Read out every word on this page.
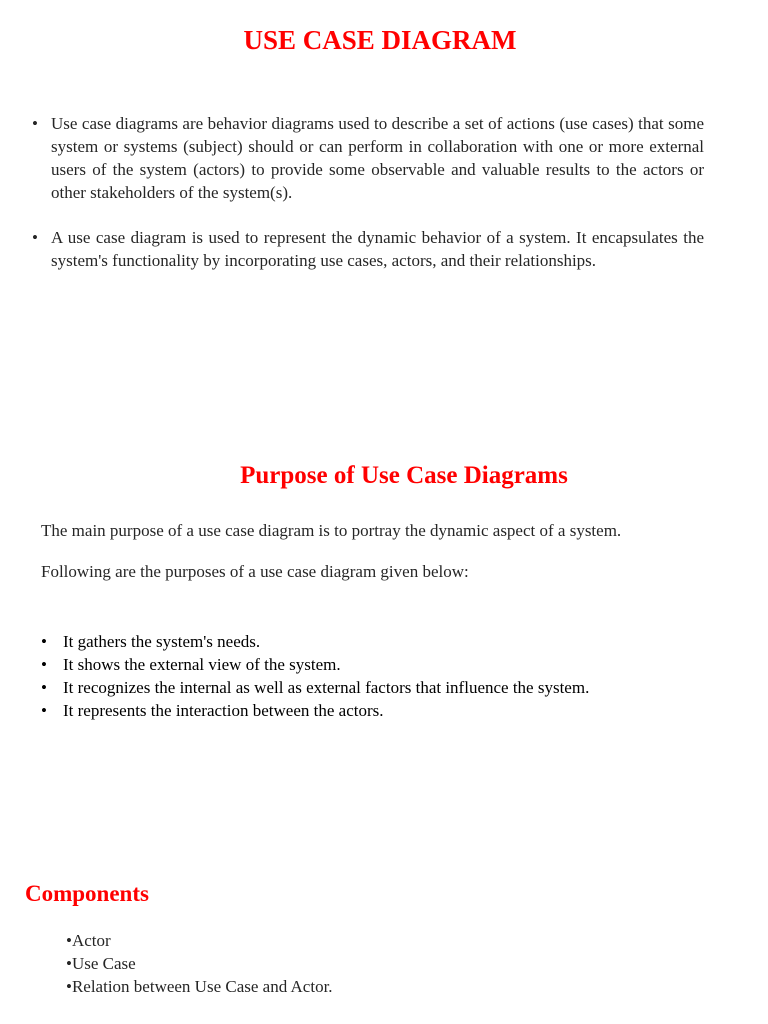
USE CASE DIAGRAM
• Use case diagrams are behavior diagrams used to describe a set of actions (use cases) that some system or systems (subject) should or can perform in collaboration with one or more external users of the system (actors) to provide some observable and valuable results to the actors or other stakeholders of the system(s).
• A use case diagram is used to represent the dynamic behavior of a system. It encapsulates the system's functionality by incorporating use cases, actors, and their relationships.
Purpose of Use Case Diagrams

The main purpose of a use case diagram is to portray the dynamic aspect of a system.

Following are the purposes of a use case diagram given below:

• It gathers the system's needs.
• It shows the external view of the system.
• It recognizes the internal as well as external factors that influence the system.
• It represents the interaction between the actors.
Components
•Actor
•Use Case
•Relation between Use Case and Actor.
